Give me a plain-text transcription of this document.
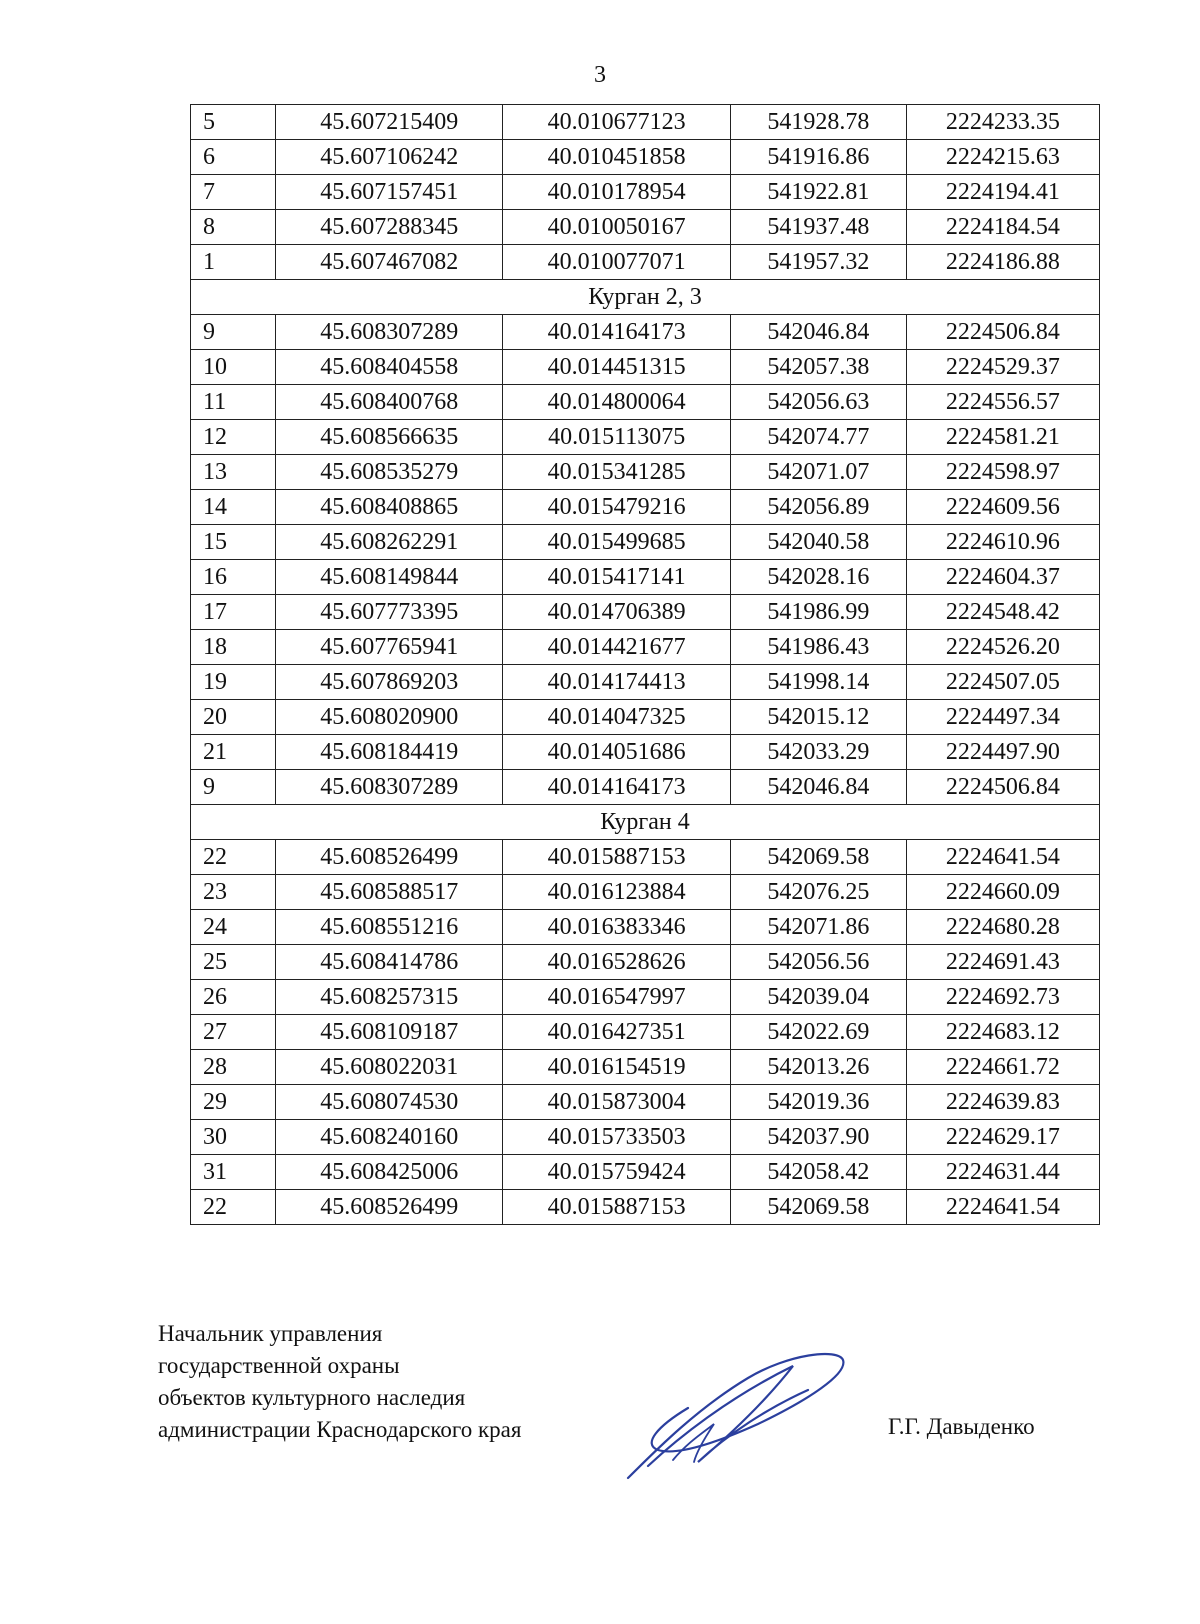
3
5	45.607215409	40.010677123	541928.78	2224233.35
6	45.607106242	40.010451858	541916.86	2224215.63
7	45.607157451	40.010178954	541922.81	2224194.41
8	45.607288345	40.010050167	541937.48	2224184.54
1	45.607467082	40.010077071	541957.32	2224186.88
Курган 2, 3				
9	45.608307289	40.014164173	542046.84	2224506.84
10	45.608404558	40.014451315	542057.38	2224529.37
11	45.608400768	40.014800064	542056.63	2224556.57
12	45.608566635	40.015113075	542074.77	2224581.21
13	45.608535279	40.015341285	542071.07	2224598.97
14	45.608408865	40.015479216	542056.89	2224609.56
15	45.608262291	40.015499685	542040.58	2224610.96
16	45.608149844	40.015417141	542028.16	2224604.37
17	45.607773395	40.014706389	541986.99	2224548.42
18	45.607765941	40.014421677	541986.43	2224526.20
19	45.607869203	40.014174413	541998.14	2224507.05
20	45.608020900	40.014047325	542015.12	2224497.34
21	45.608184419	40.014051686	542033.29	2224497.90
9	45.608307289	40.014164173	542046.84	2224506.84
Курган 4				
22	45.608526499	40.015887153	542069.58	2224641.54
23	45.608588517	40.016123884	542076.25	2224660.09
24	45.608551216	40.016383346	542071.86	2224680.28
25	45.608414786	40.016528626	542056.56	2224691.43
26	45.608257315	40.016547997	542039.04	2224692.73
27	45.608109187	40.016427351	542022.69	2224683.12
28	45.608022031	40.016154519	542013.26	2224661.72
29	45.608074530	40.015873004	542019.36	2224639.83
30	45.608240160	40.015733503	542037.90	2224629.17
31	45.608425006	40.015759424	542058.42	2224631.44
22	45.608526499	40.015887153	542069.58	2224641.54
Начальник управления
государственной охраны
объектов культурного наследия
администрации Краснодарского края	Г.Г. Давыденко
